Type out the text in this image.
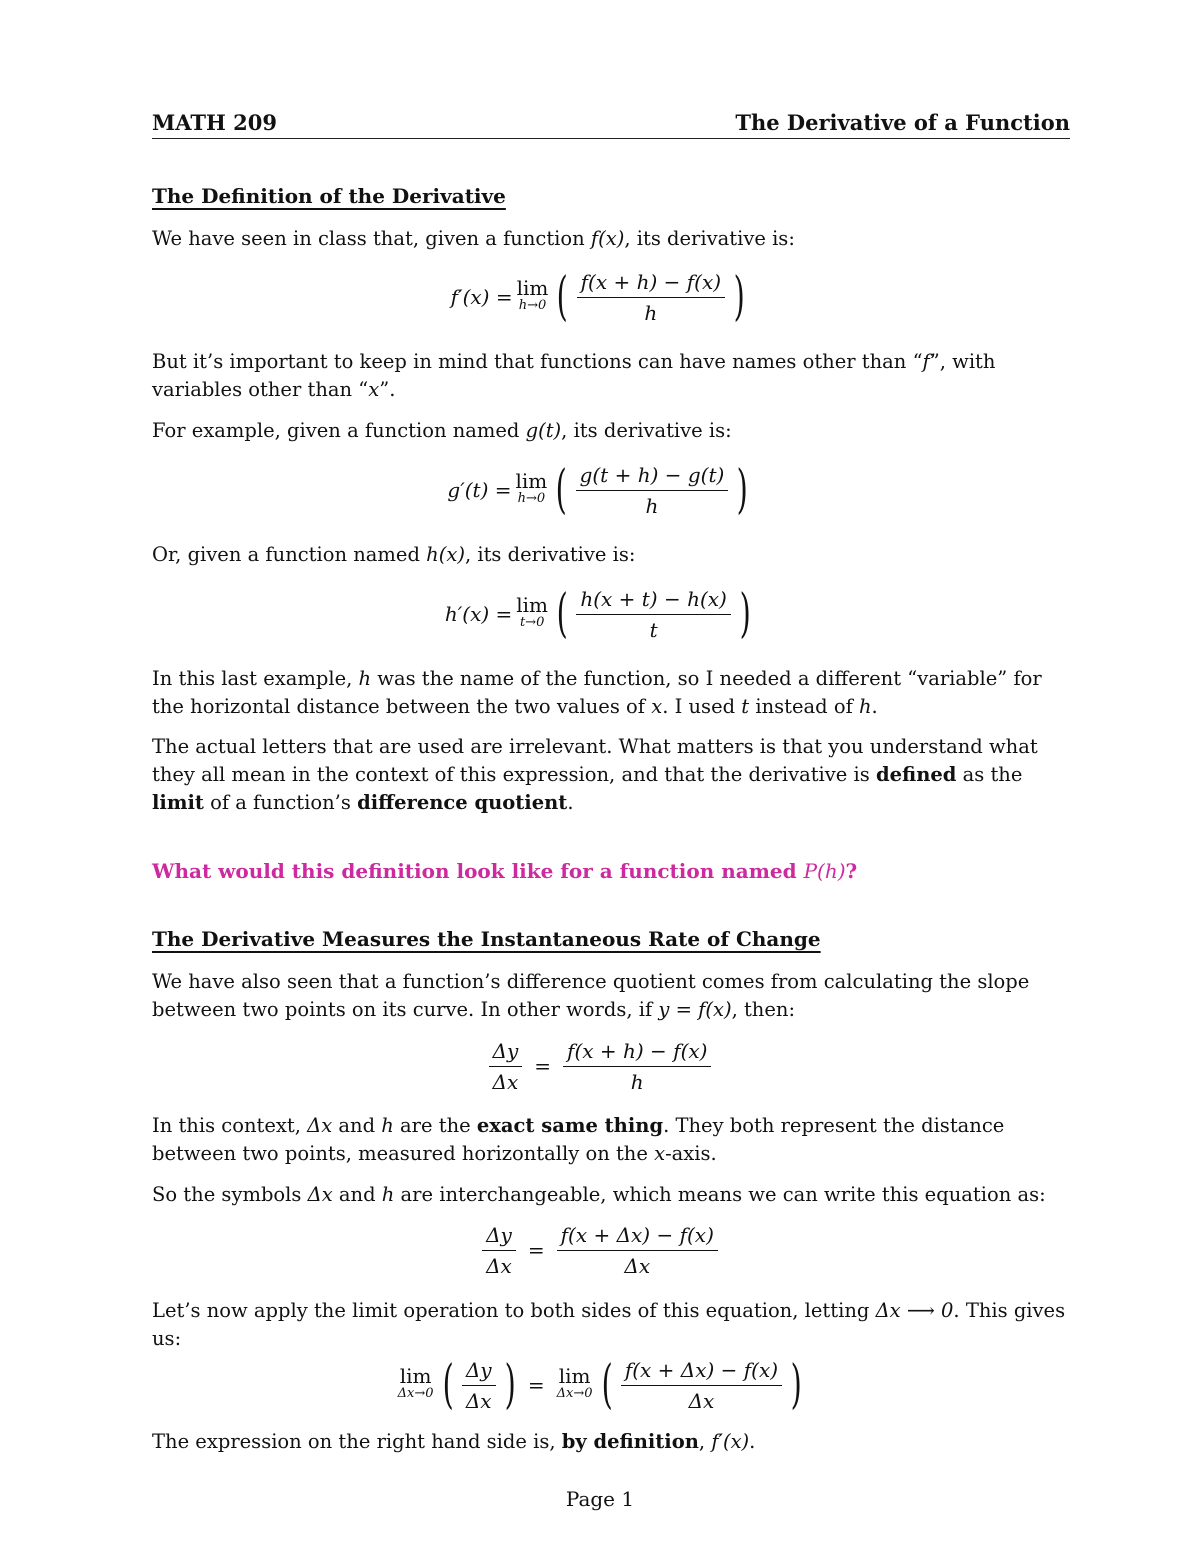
MATH 209	The Derivative of a Function
The Definition of the Derivative
We have seen in class that, given a function f(x), its derivative is:
f′(x) = lim
h→0 ( $\frac{f(x + h) - f(x)}{h}$ )
But it’s important to keep in mind that functions can have names other than “f”, with variables other than “x”.
For example, given a function named g(t), its derivative is:
g′(t) = lim
h→0 ( $\frac{g(t + h) - g(t)}{h}$ )
Or, given a function named h(x), its derivative is:
h′(x) = lim
t→0 ( $\frac{h(x + t) - h(x)}{t}$ )
In this last example, h was the name of the function, so I needed a different “variable” for the horizontal distance between the two values of x. I used t instead of h.
The actual letters that are used are irrelevant. What matters is that you understand what they all mean in the context of this expression, and that the derivative is defined as the limit of a function’s difference quotient.
What would this definition look like for a function named P(h)?
The Derivative Measures the Instantaneous Rate of Change
We have also seen that a function’s difference quotient comes from calculating the slope between two points on its curve. In other words, if y = f(x), then:
$\frac{\Delta y}{\Delta x} = \frac{f(x + h) - f(x)}{h}$
In this context, Δx and h are the exact same thing. They both represent the distance between two points, measured horizontally on the x-axis.
So the symbols Δx and h are interchangeable, which means we can write this equation as:
$\frac{\Delta y}{\Delta x} = \frac{f(x + \Delta x) - f(x)}{\Delta x}$
Let’s now apply the limit operation to both sides of this equation, letting Δx ⟶ 0. This gives us:
lim
Δx→0 ( $\frac{\Delta y}{\Delta x}$ ) = lim
Δx→0 ( $\frac{f(x + \Delta x) - f(x)}{\Delta x}$ )
The expression on the right hand side is, by definition, f′(x).
Page 1
